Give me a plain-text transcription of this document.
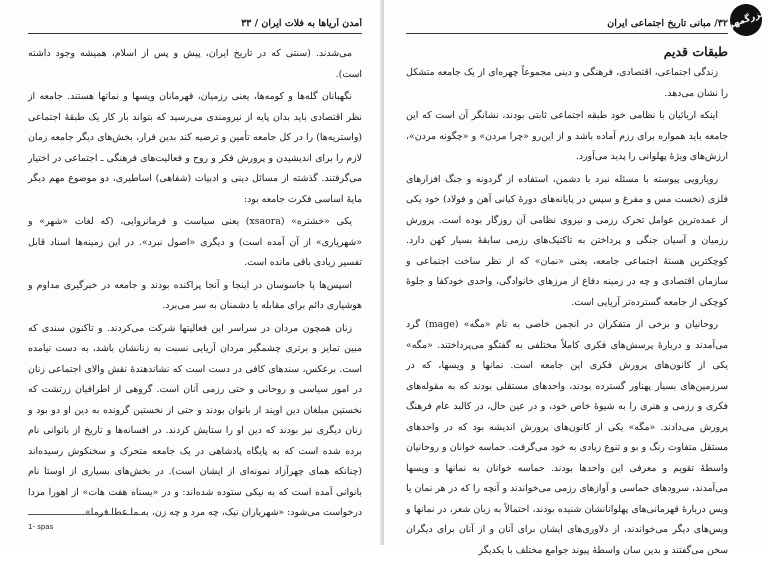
آمدن آریاها به فلات ایران / ۳۳

می‌شدند. (سنتی که در تاریخ ایران، پیش و پس از اسلام، همیشه وجود داشته است).

نگهبانان گله‌ها و کومه‌ها، یعنی رزمیان، قهرمانان ویسها و نماتها هستند. جامعه از نظر اقتصادی باید بدان پایه از نیرومندی می‌رسید که بتواند بار کار یک طبقهٔ اجتماعی (واستریه‌ها) را در کل جامعه تأمین و ترضیه کند بدین قرار، بخش‌های دیگر جامعه زمان لازم را برای اندیشیدن و پرورش فکر و روح و فعالیت‌های فرهنگی ـ اجتماعی در اختیار می‌گرفتند. گذشته از مسائل دینی و ادبیات (شفاهی) اساطیری، دو موضوع مهم دیگر مایهٔ اساسی فکرت جامعه بود:

یکی «خشتره» (xsaora) یعنی سیاست و فرمانروایی، (که لغات «شهر» و «شهریاری» از آن آمده است) و دیگری «اصول نبرد». در این زمینه‌ها اسناد قابل تفسیر زیادی باقی مانده است.

اسپس‌ها یا جاسوسان در اینجا و آنجا پراکنده بودند و جامعه در خبرگیری مداوم و هوشیاری دائم برای مقابله با دشمنان به سر می‌برد.

زنان همچون مردان در سراسر این فعالیتها شرکت می‌کردند. و تاکنون سندی که مبین تمایز و برتری چشمگیر مردان آریایی نسبت به زنانشان باشد، به دست نیامده است. برعکس، سندهای کافی در دست است که نشاندهندهٔ نقش والای اجتماعی زنان در امور سیاسی و روحانی و حتی رزمی آنان است. گروهی از اطرافیان زرتشت که نخستین مبلغان دین اویند از بانوان بودند و حتی از نخستین گرونده به دین او دو بود و زنان دیگری نیز بودند که دین او را ستایش کردند. در افسانه‌ها و تاریخ از بانوانی نام برده شده است که به پایگاه پادشاهی در یک جامعه متحرک و سخنکوش رسیده‌اند (چنانکه همای چهرآزاد نمونه‌ای از ایشان است). در بخش‌های بسیاری از اوستا نام بانوانی آمده است که به نیکی ستوده شده‌اند: و در «یسناه هفت هات» از اهورا مزدا درخواست می‌شود: «شهریاران نیک، چه مرد و چه زن، به ما عطا فرما».

1- spas
۳۲/ مبانی تاریخ اجتماعی ایران
طبقات قدیم

زندگی اجتماعی، اقتصادی، فرهنگی و دینی مجموعاً چهره‌ای از یک جامعه متشکل را نشان می‌دهد.

اینکه اریائیان با نظامی خود طبقه اجتماعی ثابتی بودند، نشانگر آن است که این جامعه باید همواره برای رزم آماده باشد و از این‌رو «چرا مردن» و «چگونه مردن»، ارزش‌های ویژهٔ پهلوانی را پدید می‌آورد.

رویارویی پیوسته با مسئله نبرد با دشمن، استفاده از گردونه و جنگ افزارهای فلزی (نخست مس و مفرغ و سپس در پایانه‌های دورهٔ کیانی آهن و فولاد) خود یکی از عمده‌ترین عوامل تحرک رزمی و نیروی نظامی آن روزگار بوده است. پرورش رزمیان و آسیان جنگی و پرداختن به تاکتیک‌های رزمی سابقهٔ بسیار کهن دارد. کوچکترین هستهٔ اجتماعی جامعه، یعنی «نمان» که از نظر ساخت اجتماعی و سازمان اقتصادی و چه در زمینه دفاع از مرزهای خانوادگی، واحدی خودکفا و جلوهٔ کوچکی از جامعه گسترده‌تر آریایی است.

روحانیان و برخی از متفکران در انجمن خاصی به نام «مگه» (mage) گرد می‌آمدند و دربارهٔ پرسش‌های فکری کاملاً مختلفی به گفتگو می‌پرداختند. «مگه» یکی از کانون‌های پرورش فکری این جامعه است. نمانها و ویسها، که در سرزمین‌های بسیار پهناور گسترده بودند، واحدهای مستقلی بودند که به مقوله‌های فکری و رزمی و هنری را به شیوهٔ خاص خود، و در عین حال، در کالبد عام فرهنگ پرورش می‌دادند. «مگه» یکی از کانون‌های پرورش اندیشه بود که در واحدهای مستقل متفاوت رنگ و بو و تنوع زیادی به خود می‌گرفت. حماسه خوانان و روحانیان واسطهٔ تقویم و معرفی این واحدها بودند. حماسه خوانان به نمانها و ویسها می‌آمدند، سرودهای حماسی و آوازهای رزمی می‌خواندند و آنچه را که در هر نمان یا ویس دربارهٔ قهرمانی‌های پهلوانانشان شنیده بودند، احتمالاً به زبان شعر، در نمانها و ویس‌های دیگر می‌خواندند، از دلاوری‌های ایشان برای آنان و از آنان برای دیگران سخن می‌گفتند و بدین سان واسطهٔ پیوند جوامع مختلف با یکدیگر

بزرگمهر
